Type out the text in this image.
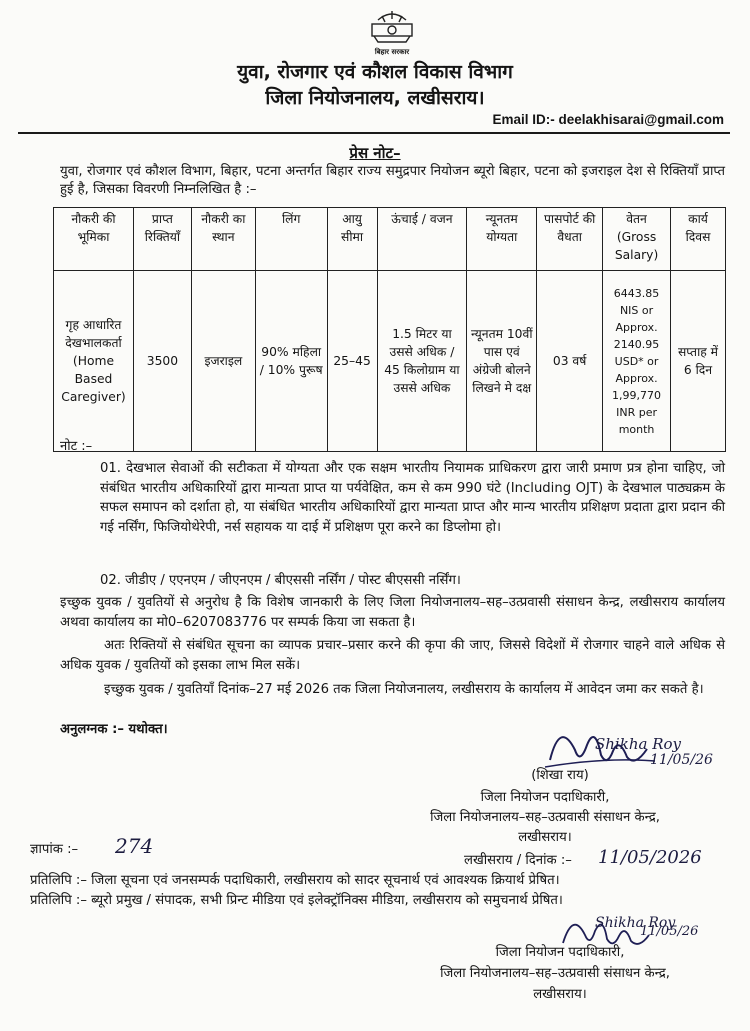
बिहार सरकार
युवा, रोजगार एवं कौशल विकास विभाग
जिला नियोजनालय, लखीसराय।
Email ID:- deelakhisarai@gmail.com
प्रेस नोट–
युवा, रोजगार एवं कौशल विभाग, बिहार, पटना अन्तर्गत बिहार राज्य समुद्रपार नियोजन ब्यूरो बिहार, पटना को इजराइल देश से रिक्तियाँ प्राप्त हुई है, जिसका विवरणी निम्नलिखित है :–
नौकरी की भूमिका	प्राप्त रिक्तियाँ	नौकरी का स्थान	लिंग	आयु सीमा	ऊंचाई / वजन	न्यूनतम योग्यता	पासपोर्ट की वैधता	वेतन (Gross Salary)	कार्य दिवस
गृह आधारित देखभालकर्ता (Home Based Caregiver)	3500	इजराइल	90% महिला / 10% पुरूष	25–45	1.5 मिटर या उससे अधिक / 45 किलोग्राम या उससे अधिक	न्यूनतम 10वीं पास एवं अंग्रेजी बोलने लिखने मे दक्ष	03 वर्ष	6443.85 NIS or Approx. 2140.95 USD* or Approx. 1,99,770 INR per month	सप्ताह में 6 दिन
नोट :–
01. देखभाल सेवाओं की सटीकता में योग्यता और एक सक्षम भारतीय नियामक प्राधिकरण द्वारा जारी प्रमाण प्रत्र होना चाहिए, जो संबंधित भारतीय अधिकारियों द्वारा मान्यता प्राप्त या पर्यवेक्षित, कम से कम 990 घंटे (Including OJT) के देखभाल पाठ्यक्रम के सफल समापन को दर्शाता हो, या संबंधित भारतीय अधिकारियों द्वारा मान्यता प्राप्त और मान्य भारतीय प्रशिक्षण प्रदाता द्वारा प्रदान की गई नर्सिंग, फिजियोथेरेपी, नर्स सहायक या दाई में प्रशिक्षण पूरा करने का डिप्लोमा हो।
02. जीडीए / एएनएम / जीएनएम / बीएससी नर्सिंग / पोस्ट बीएससी नर्सिंग।
इच्छुक युवक / युवतियों से अनुरोध है कि विशेष जानकारी के लिए जिला नियोजनालय–सह–उत्प्रवासी संसाधन केन्द्र, लखीसराय कार्यालय अथवा कार्यालय का मो0–6207083776 पर सम्पर्क किया जा सकता है।
अतः रिक्तियों से संबंधित सूचना का व्यापक प्रचार–प्रसार करने की कृपा की जाए, जिससे विदेशों में रोजगार चाहने वाले अधिक से अधिक युवक / युवतियों को इसका लाभ मिल सकें।
इच्छुक युवक / युवतियाँ दिनांक–27 मई 2026 तक जिला नियोजनालय, लखीसराय के कार्यालय में आवेदन जमा कर सकते है।
अनुलग्नक :– यथोक्त।
Shikha Roy
11/05/26
(शिखा राय)
जिला नियोजन पदाधिकारी,
जिला नियोजनालय–सह–उत्प्रवासी संसाधन केन्द्र,
लखीसराय।
ज्ञापांक :– 274
लखीसराय / दिनांक :– 11/05/2026
प्रतिलिपि :– जिला सूचना एवं जनसम्पर्क पदाधिकारी, लखीसराय को सादर सूचनार्थ एवं आवश्यक क्रियार्थ प्रेषित।
प्रतिलिपि :– ब्यूरो प्रमुख / संपादक, सभी प्रिन्ट मीडिया एवं इलेक्ट्रॉनिक्स मीडिया, लखीसराय को समुचनार्थ प्रेषित।
Shikha Roy
11/05/26
जिला नियोजन पदाधिकारी,
जिला नियोजनालय–सह–उत्प्रवासी संसाधन केन्द्र,
लखीसराय।
